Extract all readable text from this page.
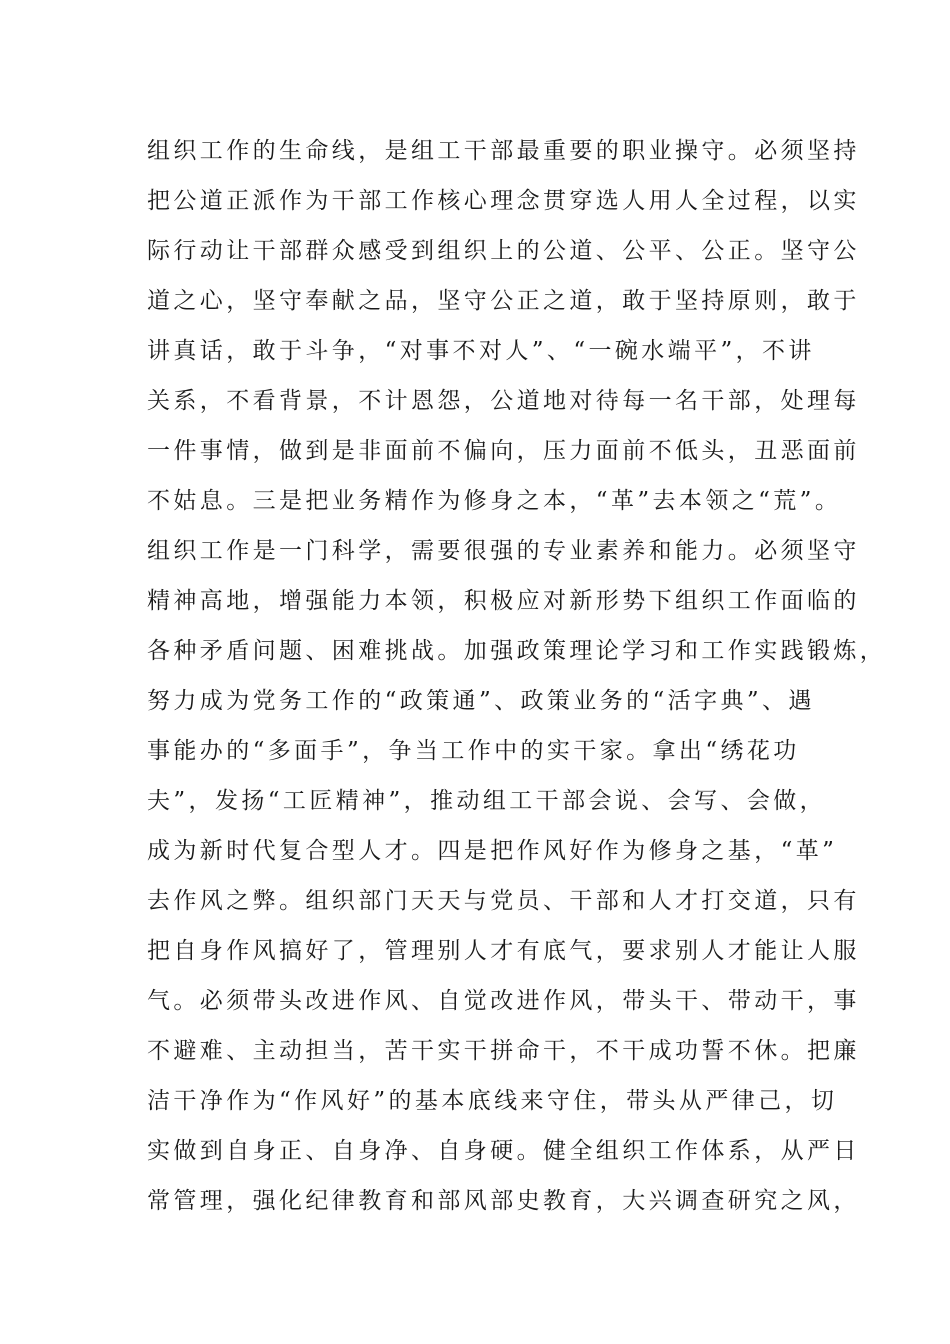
组织工作的生命线，是组工干部最重要的职业操守。必须坚持
把公道正派作为干部工作核心理念贯穿选人用人全过程，以实
际行动让干部群众感受到组织上的公道、公平、公正。坚守公
道之心，坚守奉献之品，坚守公正之道，敢于坚持原则，敢于
讲真话，敢于斗争，“对事不对人”、“一碗水端平”，不讲
关系，不看背景，不计恩怨，公道地对待每一名干部，处理每
一件事情，做到是非面前不偏向，压力面前不低头，丑恶面前
不姑息。三是把业务精作为修身之本，“革”去本领之“荒”。
组织工作是一门科学，需要很强的专业素养和能力。必须坚守
精神高地，增强能力本领，积极应对新形势下组织工作面临的
各种矛盾问题、困难挑战。加强政策理论学习和工作实践锻炼，
努力成为党务工作的“政策通”、政策业务的“活字典”、遇
事能办的“多面手”，争当工作中的实干家。拿出“绣花功
夫”，发扬“工匠精神”，推动组工干部会说、会写、会做，
成为新时代复合型人才。四是把作风好作为修身之基，“革”
去作风之弊。组织部门天天与党员、干部和人才打交道，只有
把自身作风搞好了，管理别人才有底气，要求别人才能让人服
气。必须带头改进作风、自觉改进作风，带头干、带动干，事
不避难、主动担当，苦干实干拼命干，不干成功誓不休。把廉
洁干净作为“作风好”的基本底线来守住，带头从严律己，切
实做到自身正、自身净、自身硬。健全组织工作体系，从严日
常管理，强化纪律教育和部风部史教育，大兴调查研究之风，
